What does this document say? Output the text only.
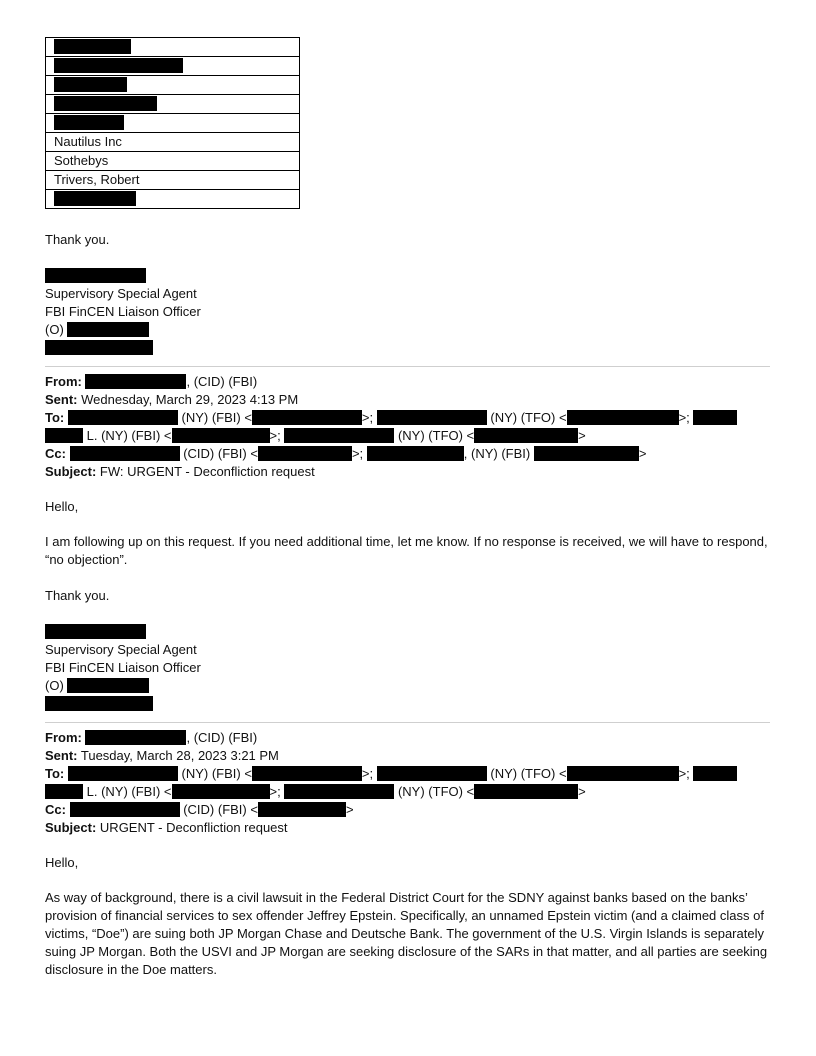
Nautilus Inc
Sothebys
Trivers, Robert

Thank you.

Supervisory Special Agent
FBI FinCEN Liaison Officer
(O)
From:	, (CID) (FBI)
Sent: Wednesday, March 29, 2023 4:13 PM
To:	(NY) (FBI) <	>;	(NY) (TFO) <	>;
L. (NY) (FBI) <	>;	(NY) (TFO) <	>
Cc:	(CID) (FBI) <	>;	, (NY) (FBI)	>
Subject: FW: URGENT - Deconfliction request

Hello,

I am following up on this request. If you need additional time, let me know. If no response is received, we will have to respond, “no objection”.

Thank you.

Supervisory Special Agent
FBI FinCEN Liaison Officer
(O)
From:	, (CID) (FBI)
Sent: Tuesday, March 28, 2023 3:21 PM
To:	(NY) (FBI) <	>;	(NY) (TFO) <	>;
L. (NY) (FBI) <	>;	(NY) (TFO) <	>
Cc:	(CID) (FBI) <	>
Subject: URGENT - Deconfliction request

Hello,

As way of background, there is a civil lawsuit in the Federal District Court for the SDNY against banks based on the banks’ provision of financial services to sex offender Jeffrey Epstein. Specifically, an unnamed Epstein victim (and a claimed class of victims, “Doe”) are suing both JP Morgan Chase and Deutsche Bank. The government of the U.S. Virgin Islands is separately suing JP Morgan. Both the USVI and JP Morgan are seeking disclosure of the SARs in that matter, and all parties are seeking disclosure in the Doe matters.
